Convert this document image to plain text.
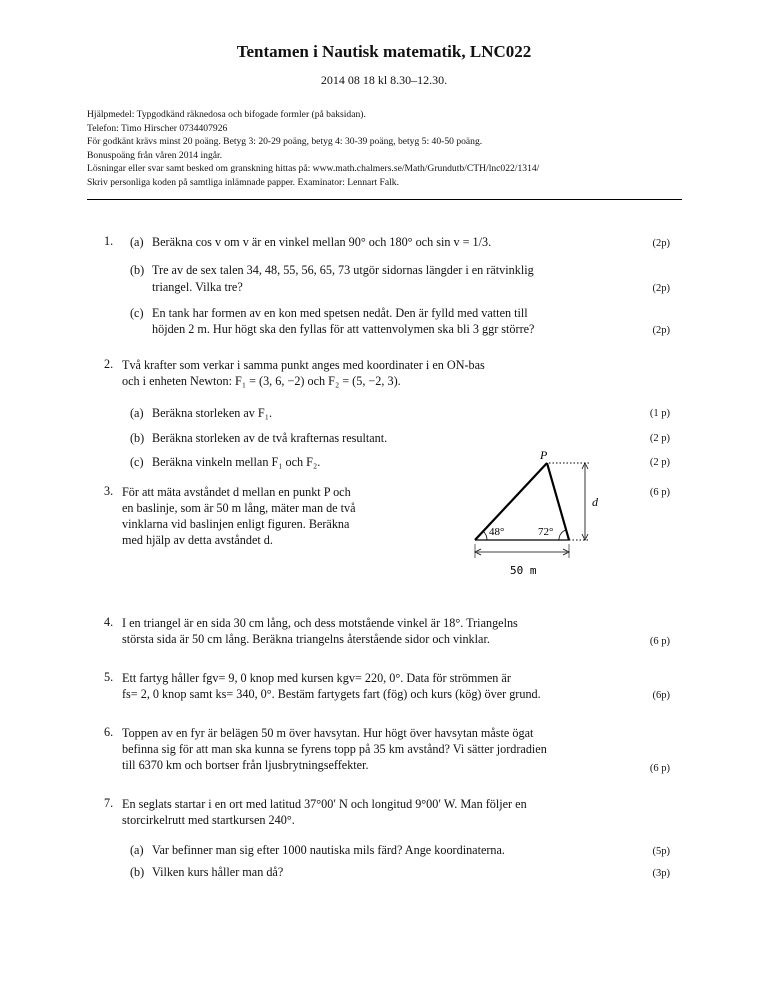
Tentamen i Nautisk matematik, LNC022
2014 08 18 kl 8.30–12.30.
Hjälpmedel: Typgodkänd räknedosa och bifogade formler (på baksidan).
Telefon: Timo Hirscher 0734407926
För godkänt krävs minst 20 poäng. Betyg 3: 20-29 poäng, betyg 4: 30-39 poäng, betyg 5: 40-50 poäng.
Bonuspoäng från våren 2014 ingår.
Lösningar eller svar samt besked om granskning hittas på: www.math.chalmers.se/Math/Grundutb/CTH/lnc022/1314/
Skriv personliga koden på samtliga inlämnade papper. Examinator: Lennart Falk.
1. (a) Beräkna cos v om v är en vinkel mellan 90° och 180° och sin v = 1/3.	(2p)
(b) Tre av de sex talen 34, 48, 55, 56, 65, 73 utgör sidornas längder i en rätvinklig
triangel. Vilka tre?	(2p)
(c) En tank har formen av en kon med spetsen nedåt. Den är fylld med vatten till
höjden 2 m. Hur högt ska den fyllas för att vattenvolymen ska bli 3 ggr större?	(2p)
2. Två krafter som verkar i samma punkt anges med koordinater i en ON-bas
och i enheten Newton: F₁ = (3, 6, −2) och F₂ = (5, −2, 3).
(a) Beräkna storleken av F₁.	(1 p)
(b) Beräkna storleken av de två krafternas resultant.	(2 p)
(c) Beräkna vinkeln mellan F₁ och F₂.	(2 p)
3. För att mäta avståndet d mellan en punkt P och
en baslinje, som är 50 m lång, mäter man de två
vinklarna vid baslinjen enligt figuren. Beräkna
med hjälp av detta avståndet d.
(6 p)
P
d
48°	72°
50 m
4. I en triangel är en sida 30 cm lång, och dess motstående vinkel är 18°. Triangelns
största sida är 50 cm lång. Beräkna triangelns återstående sidor och vinklar.	(6 p)
5. Ett fartyg håller fgv= 9, 0 knop med kursen kgv= 220, 0°. Data för strömmen är
fs= 2, 0 knop samt ks= 340, 0°. Bestäm fartygets fart (fög) och kurs (kög) över grund.	(6p)
6. Toppen av en fyr är belägen 50 m över havsytan. Hur högt över havsytan måste ögat
befinna sig för att man ska kunna se fyrens topp på 35 km avstånd? Vi sätter jordradien
till 6370 km och bortser från ljusbrytningseffekter.	(6 p)
7. En seglats startar i en ort med latitud 37°00′ N och longitud 9°00′ W. Man följer en
storcirkelrutt med startkursen 240°.
(a) Var befinner man sig efter 1000 nautiska mils färd? Ange koordinaterna.	(5p)
(b) Vilken kurs håller man då?	(3p)
